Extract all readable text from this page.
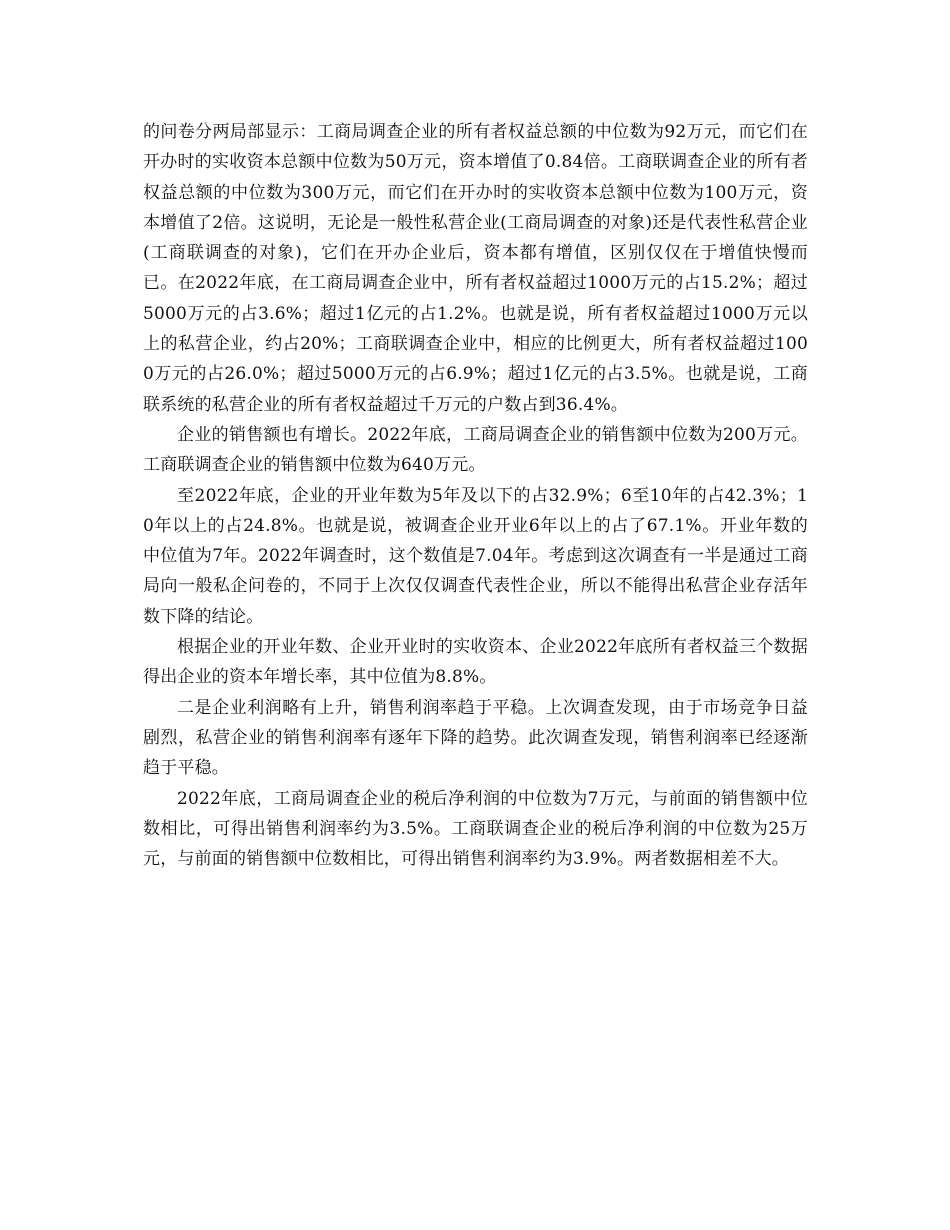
的问卷分两局部显示：工商局调查企业的所有者权益总额的中位数为92万元，而它们在开办时的实收资本总额中位数为50万元，资本增值了0.84倍。工商联调查企业的所有者权益总额的中位数为300万元，而它们在开办时的实收资本总额中位数为100万元，资本增值了2倍。这说明，无论是一般性私营企业(工商局调查的对象)还是代表性私营企业(工商联调查的对象)，它们在开办企业后，资本都有增值，区别仅仅在于增值快慢而已。在2022年底，在工商局调查企业中，所有者权益超过1000万元的占15.2%；超过5000万元的占3.6%；超过1亿元的占1.2%。也就是说，所有者权益超过1000万元以上的私营企业，约占20%；工商联调查企业中，相应的比例更大，所有者权益超过1000万元的占26.0%；超过5000万元的占6.9%；超过1亿元的占3.5%。也就是说，工商联系统的私营企业的所有者权益超过千万元的户数占到36.4%。

企业的销售额也有增长。2022年底，工商局调查企业的销售额中位数为200万元。工商联调查企业的销售额中位数为640万元。

至2022年底，企业的开业年数为5年及以下的占32.9%；6至10年的占42.3%；10年以上的占24.8%。也就是说，被调查企业开业6年以上的占了67.1%。开业年数的中位值为7年。2022年调查时，这个数值是7.04年。考虑到这次调查有一半是通过工商局向一般私企问卷的，不同于上次仅仅调查代表性企业，所以不能得出私营企业存活年数下降的结论。

根据企业的开业年数、企业开业时的实收资本、企业2022年底所有者权益三个数据得出企业的资本年增长率，其中位值为8.8%。

二是企业利润略有上升，销售利润率趋于平稳。上次调查发现，由于市场竞争日益剧烈，私营企业的销售利润率有逐年下降的趋势。此次调查发现，销售利润率已经逐渐趋于平稳。

2022年底，工商局调查企业的税后净利润的中位数为7万元，与前面的销售额中位数相比，可得出销售利润率约为3.5%。工商联调查企业的税后净利润的中位数为25万元，与前面的销售额中位数相比，可得出销售利润率约为3.9%。两者数据相差不大。
